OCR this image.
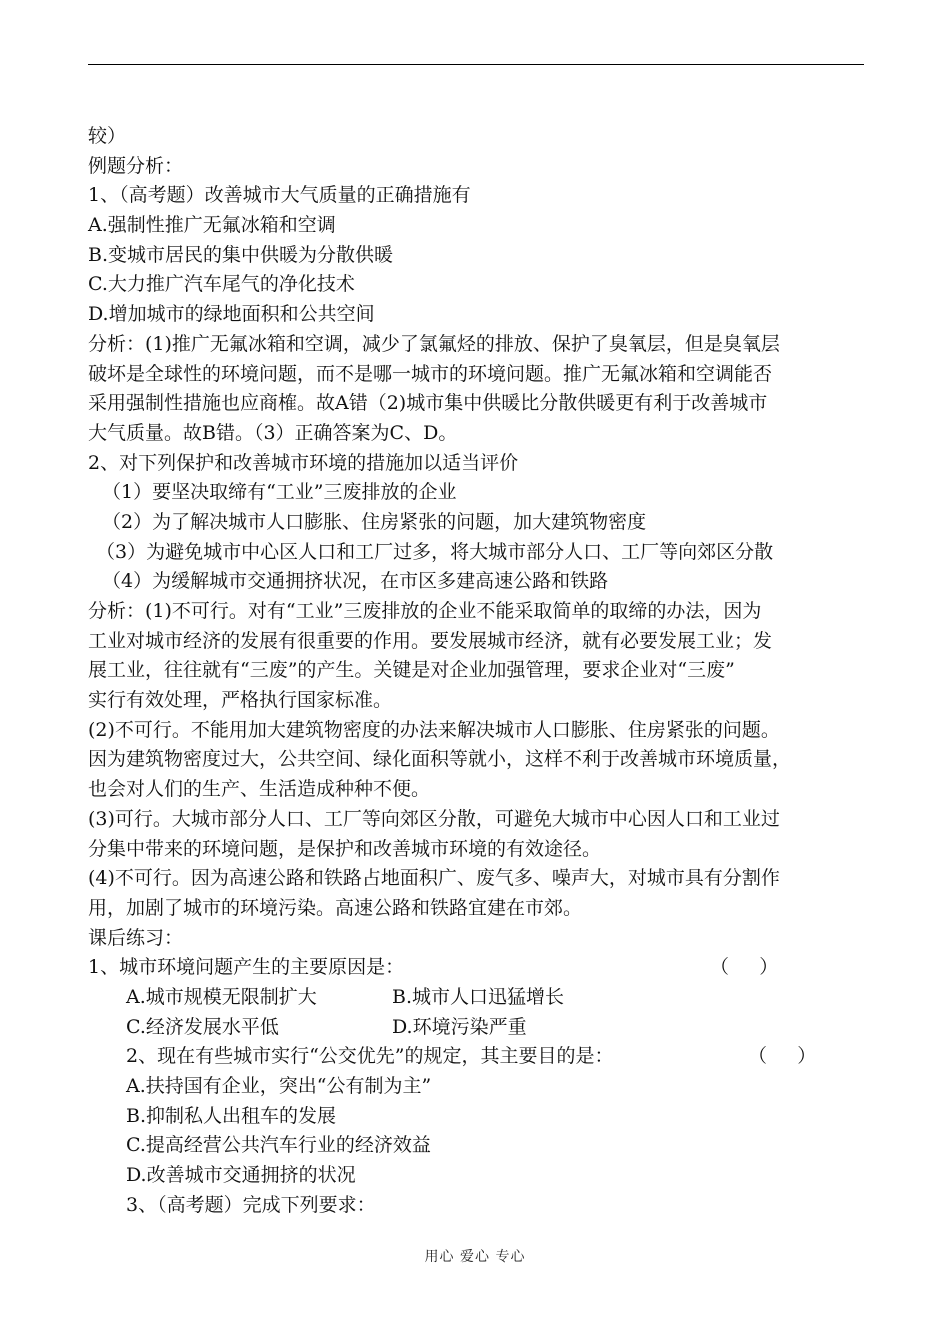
较）
例题分析：
1、（高考题）改善城市大气质量的正确措施有
A.强制性推广无氟冰箱和空调
B.变城市居民的集中供暖为分散供暖
C.大力推广汽车尾气的净化技术
D.增加城市的绿地面积和公共空间
分析：(1)推广无氟冰箱和空调，减少了氯氟烃的排放、保护了臭氧层，但是臭氧层
破坏是全球性的环境问题，而不是哪一城市的环境问题。推广无氟冰箱和空调能否
采用强制性措施也应商榷。故A错（2)城市集中供暖比分散供暖更有利于改善城市
大气质量。故B错。（3）正确答案为C、D。
2、对下列保护和改善城市环境的措施加以适当评价
（1）要坚决取缔有“工业”三废排放的企业
（2）为了解决城市人口膨胀、住房紧张的问题，加大建筑物密度
（3）为避免城市中心区人口和工厂过多，将大城市部分人口、工厂等向郊区分散
（4）为缓解城市交通拥挤状况，在市区多建高速公路和铁路
分析：(1)不可行。对有“工业”三废排放的企业不能采取简单的取缔的办法，因为
工业对城市经济的发展有很重要的作用。要发展城市经济，就有必要发展工业；发
展工业，往往就有“三废”的产生。关键是对企业加强管理，要求企业对“三废”
实行有效处理，严格执行国家标准。
(2)不可行。不能用加大建筑物密度的办法来解决城市人口膨胀、住房紧张的问题。
因为建筑物密度过大，公共空间、绿化面积等就小，这样不利于改善城市环境质量，
也会对人们的生产、生活造成种种不便。
(3)可行。大城市部分人口、工厂等向郊区分散，可避免大城市中心因人口和工业过
分集中带来的环境问题，是保护和改善城市环境的有效途径。
(4)不可行。因为高速公路和铁路占地面积广、废气多、噪声大，对城市具有分割作
用，加剧了城市的环境污染。高速公路和铁路宜建在市郊。
课后练习：
1、城市环境问题产生的主要原因是：	（     ）
A.城市规模无限制扩大	B.城市人口迅猛增长
C.经济发展水平低	D.环境污染严重
2、现在有些城市实行“公交优先”的规定，其主要目的是：	（     ）
A.扶持国有企业，突出“公有制为主”
B.抑制私人出租车的发展
C.提高经营公共汽车行业的经济效益
D.改善城市交通拥挤的状况
3、（高考题）完成下列要求：
用心 爱心 专心
